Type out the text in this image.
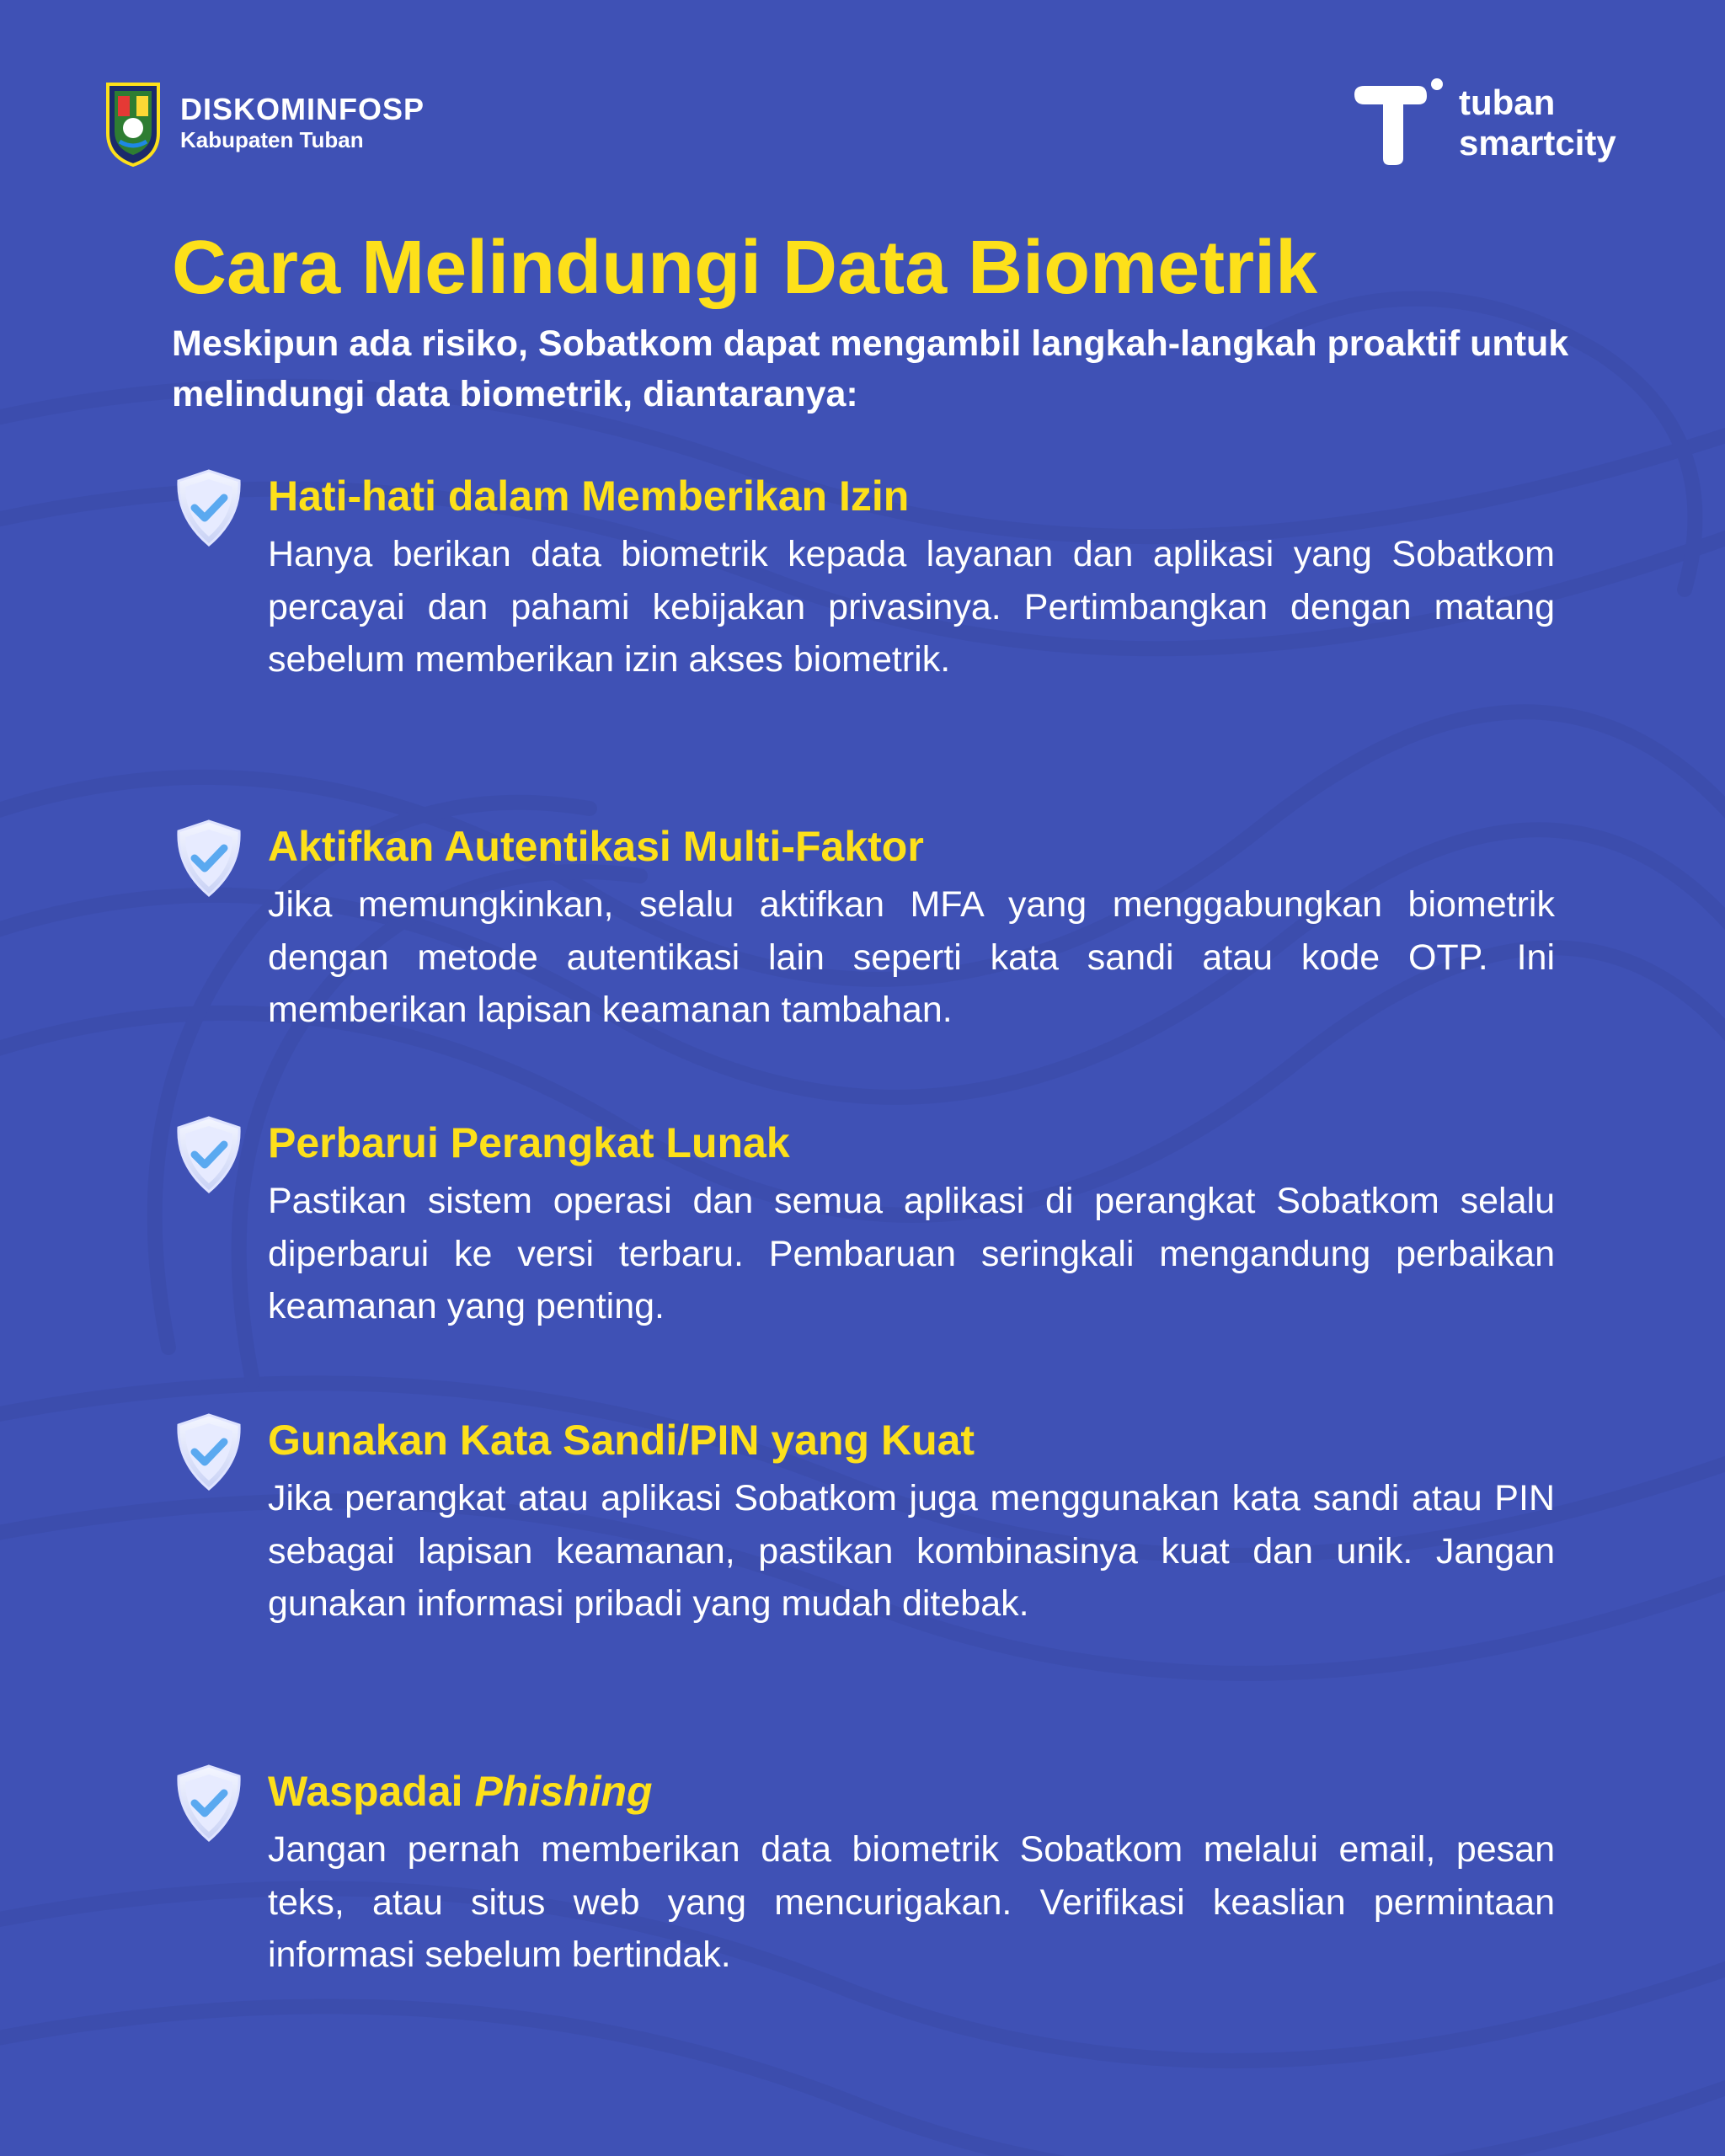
DISKOMINFOSP
Kabupaten Tuban
tuban
smartcity
Cara Melindungi Data Biometrik
Meskipun ada risiko, Sobatkom dapat mengambil langkah-langkah proaktif untuk melindungi data biometrik, diantaranya:
Hati-hati dalam Memberikan Izin

Hanya berikan data biometrik kepada layanan dan aplikasi yang Sobatkom percayai dan pahami kebijakan privasinya. Pertimbangkan dengan matang sebelum memberikan izin akses biometrik.

Aktifkan Autentikasi Multi-Faktor

Jika memungkinkan, selalu aktifkan MFA yang menggabungkan biometrik dengan metode autentikasi lain seperti kata sandi atau kode OTP. Ini memberikan lapisan keamanan tambahan.

Perbarui Perangkat Lunak

Pastikan sistem operasi dan semua aplikasi di perangkat Sobatkom selalu diperbarui ke versi terbaru. Pembaruan seringkali mengandung perbaikan keamanan yang penting.

Gunakan Kata Sandi/PIN yang Kuat

Jika perangkat atau aplikasi Sobatkom juga menggunakan kata sandi atau PIN sebagai lapisan keamanan, pastikan kombinasinya kuat dan unik. Jangan gunakan informasi pribadi yang mudah ditebak.

Waspadai Phishing

Jangan pernah memberikan data biometrik Sobatkom melalui email, pesan teks, atau situs web yang mencurigakan. Verifikasi keaslian permintaan informasi sebelum bertindak.
